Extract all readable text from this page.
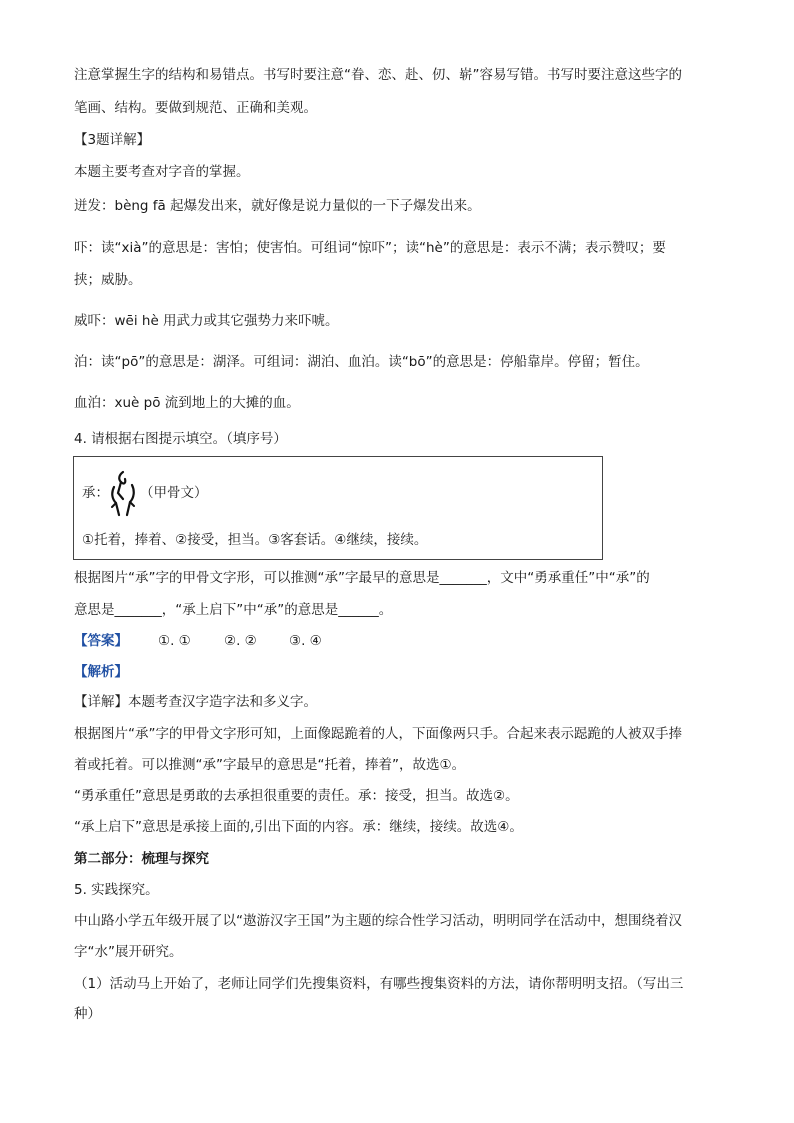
注意掌握生字的结构和易错点。书写时要注意“眷、恋、赴、仞、崭”容易写错。书写时要注意这些字的
笔画、结构。要做到规范、正确和美观。
【3题详解】
本题主要考查对字音的掌握。
迸发：bèng fā 起爆发出来，就好像是说力量似的一下子爆发出来。
吓：读“xià”的意思是：害怕；使害怕。可组词“惊吓”；读“hè”的意思是：表示不满；表示赞叹；要
挟；威胁。
威吓：wēi hè 用武力或其它强势力来吓唬。
泊：读“pō”的意思是：湖泽。可组词：湖泊、血泊。读“bō”的意思是：停船靠岸。停留；暂住。
血泊：xuè pō 流到地上的大摊的血。
4. 请根据右图提示填空。（填序号）
承： （甲骨文）
①托着，捧着、②接受，担当。③客套话。④继续，接续。
根据图片“承”字的甲骨文字形，可以推测“承”字最早的意思是_______，文中“勇承重任”中“承”的
意思是_______，“承上启下”中“承”的意思是______。
【答案】 ①. ① ②. ② ③. ④
【解析】
【详解】本题考查汉字造字法和多义字。
根据图片“承”字的甲骨文字形可知，上面像跽跪着的人，下面像两只手。合起来表示跽跪的人被双手捧
着或托着。可以推测“承”字最早的意思是“托着，捧着”，故选①。
“勇承重任”意思是勇敢的去承担很重要的责任。承：接受，担当。故选②。
“承上启下”意思是承接上面的,引出下面的内容。承：继续，接续。故选④。
第二部分：梳理与探究
5. 实践探究。
中山路小学五年级开展了以“遨游汉字王国”为主题的综合性学习活动，明明同学在活动中，想围绕着汉
字“水”展开研究。
（1）活动马上开始了，老师让同学们先搜集资料，有哪些搜集资料的方法，请你帮明明支招。（写出三
种）
